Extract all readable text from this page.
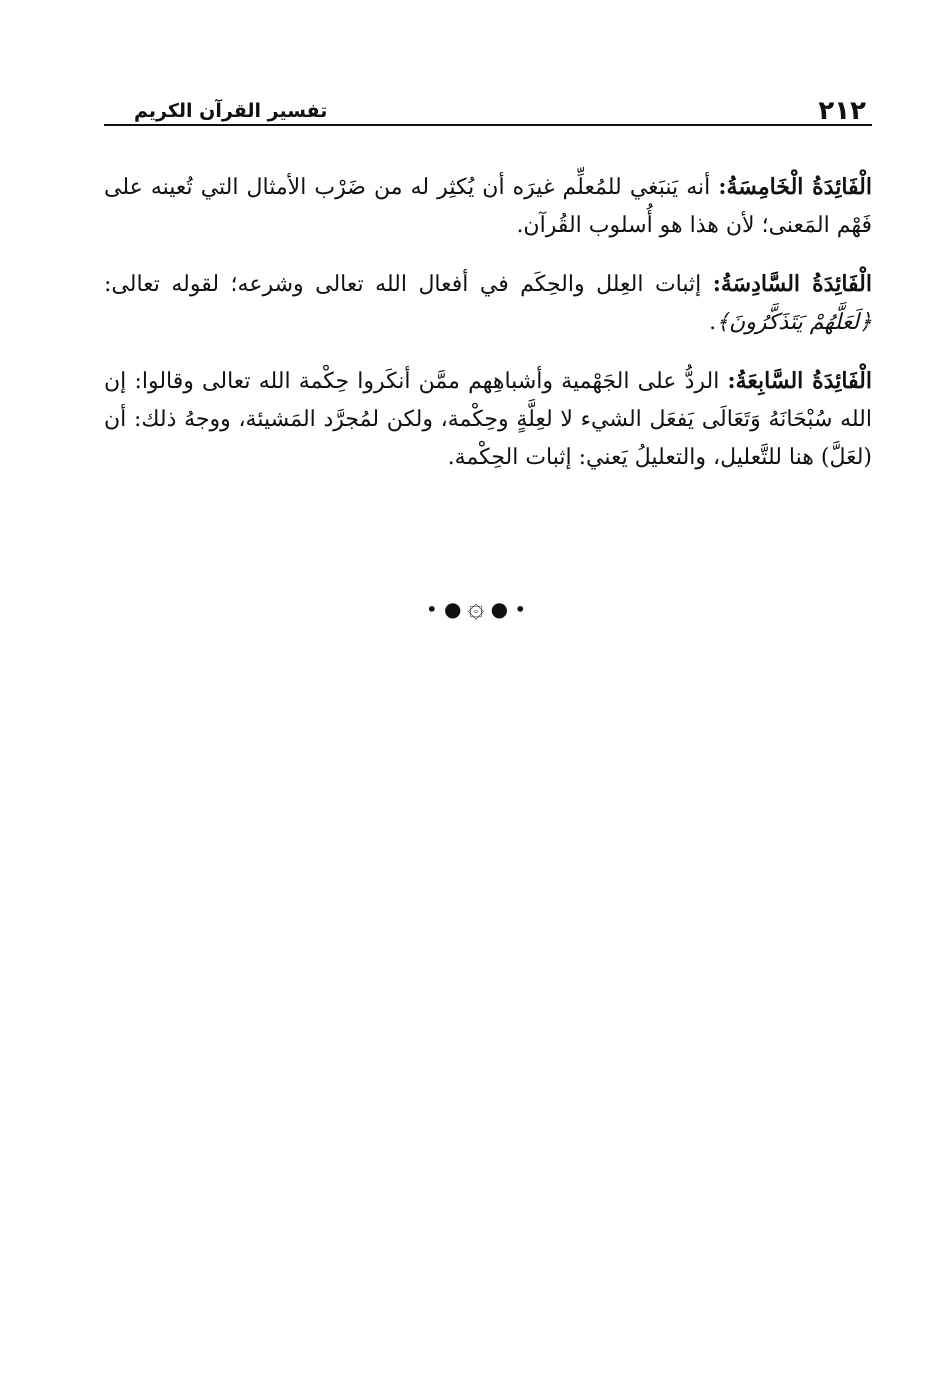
٢١٢
تفسير القرآن الكريم

الْفَائِدَةُ الْخَامِسَةُ: أنه يَنبَغي للمُعلِّم غيرَه أن يُكثِر له من ضَرْب الأمثال التي تُعينه على فَهْم المَعنى؛ لأن هذا هو أُسلوب القُرآن.

الْفَائِدَةُ السَّادِسَةُ: إثبات العِلل والحِكَم في أفعال الله تعالى وشرعه؛ لقوله تعالى: ﴿لَعَلَّهُمْ يَتَذَكَّرُونَ﴾.

الْفَائِدَةُ السَّابِعَةُ: الردُّ على الجَهْمية وأشباهِهم ممَّن أنكَروا حِكْمة الله تعالى وقالوا: إن الله سُبْحَانَهُ وَتَعَالَى يَفعَل الشيء لا لعِلَّةٍ وحِكْمة، ولكن لمُجرَّد المَشيئة، ووجهُ ذلك: أن (لعَلَّ) هنا للتَّعليل، والتعليلُ يَعني: إثبات الحِكْمة.

• ● ۞ ● •
